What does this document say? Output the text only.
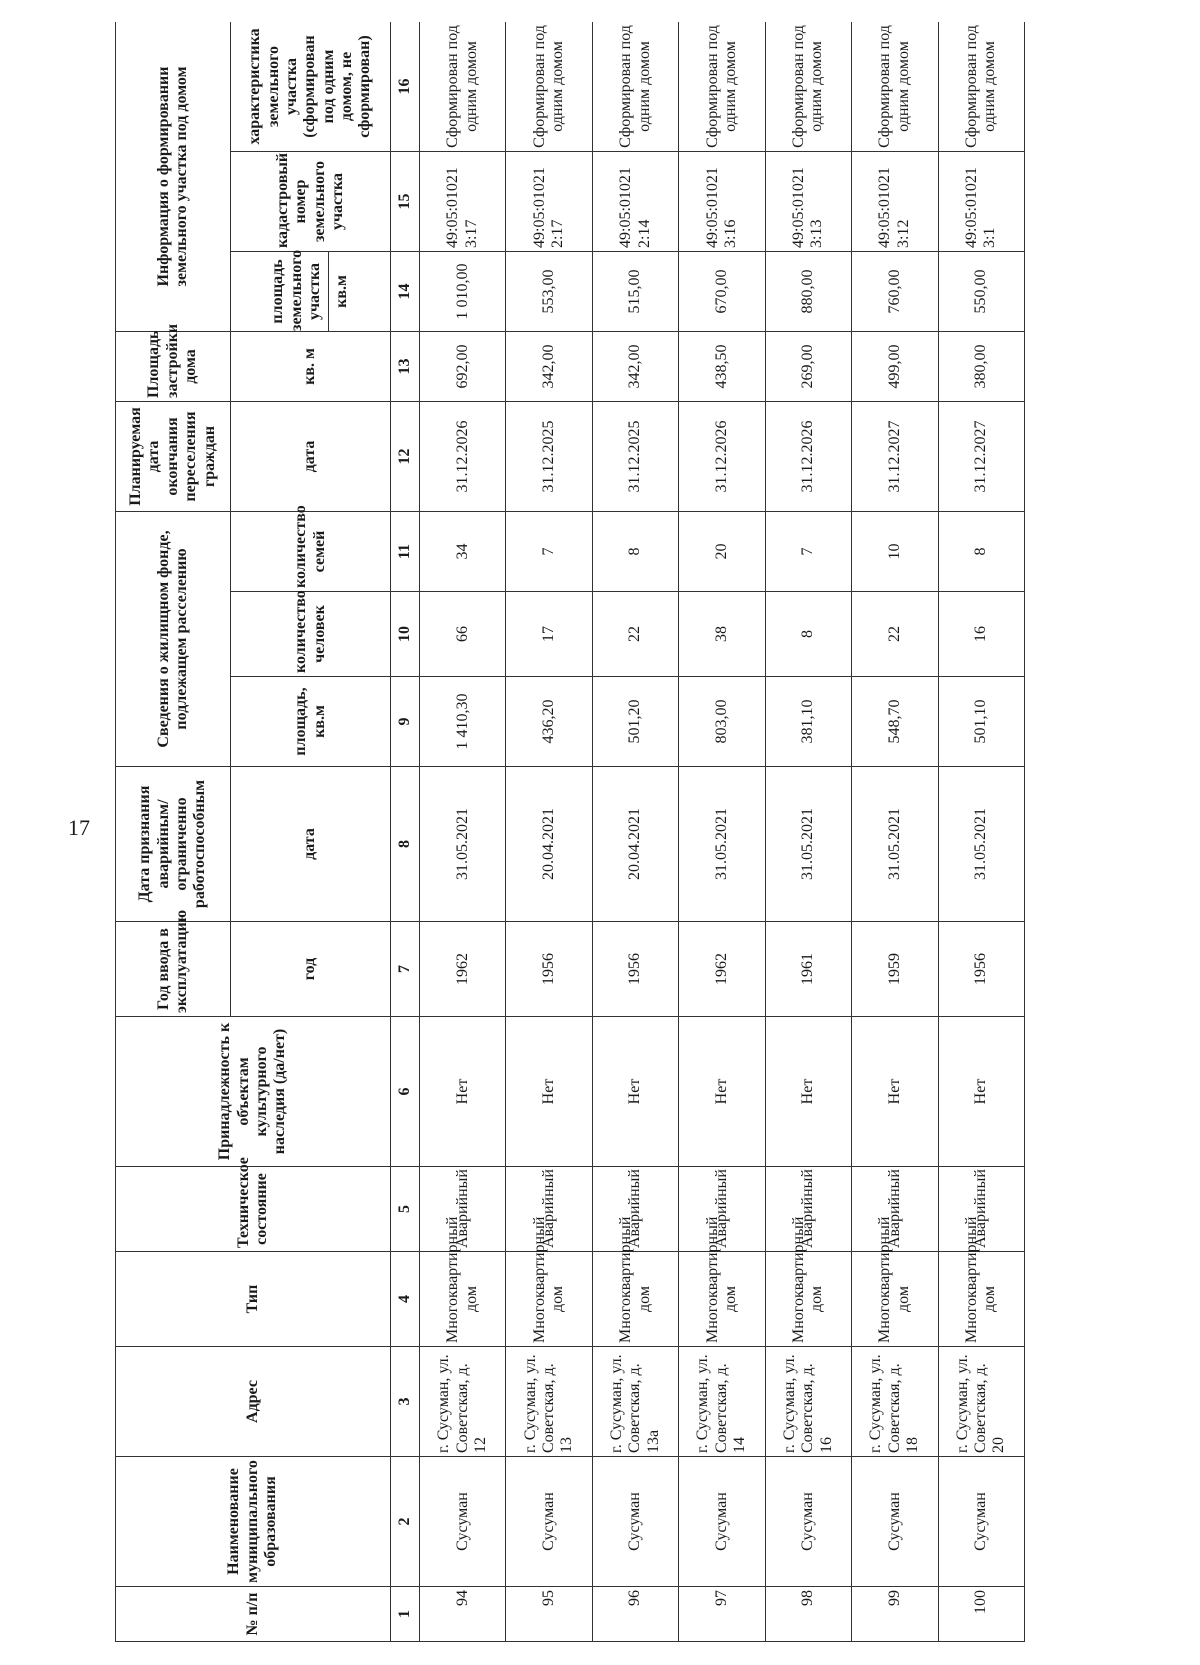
17
№ п/п	Наименование муниципального образования	Адрес	Тип	Техническое состояние	Принадлежность к объектам культурного наследия (да/нет)	Год ввода в эксплуатацию	Дата признания аварийным/ ограниченно работоспособным	Сведения о жилищном фонде, подлежащем расселению			Планируемая дата окончания переселения граждан	Площадь застройки дома	Информация о формировании земельного участка под домом		
						год	дата	площадь, кв.м	количество человек	количество семей	дата	кв. м	площадь земельного участка кв.м	кадастровый номер земельного участка	характеристика земельного участка (сформирован под одним домом, не сформирован)
1	2	3	4	5	6	7	8	9	10	11	12	13	14	15	16
94	Сусуман	г. Сусуман, ул. Советская, д. 12	Многоквартирный дом	Аварийный	Нет	1962	31.05.2021	1 410,30	66	34	31.12.2026	692,00	1 010,00	49:05:010213:17	Сформирован под одним домом
95	Сусуман	г. Сусуман, ул. Советская, д. 13	Многоквартирный дом	Аварийный	Нет	1956	20.04.2021	436,20	17	7	31.12.2025	342,00	553,00	49:05:010212:17	Сформирован под одним домом
96	Сусуман	г. Сусуман, ул. Советская, д. 13а	Многоквартирный дом	Аварийный	Нет	1956	20.04.2021	501,20	22	8	31.12.2025	342,00	515,00	49:05:010212:14	Сформирован под одним домом
97	Сусуман	г. Сусуман, ул. Советская, д. 14	Многоквартирный дом	Аварийный	Нет	1962	31.05.2021	803,00	38	20	31.12.2026	438,50	670,00	49:05:010213:16	Сформирован под одним домом
98	Сусуман	г. Сусуман, ул. Советская, д. 16	Многоквартирный дом	Аварийный	Нет	1961	31.05.2021	381,10	8	7	31.12.2026	269,00	880,00	49:05:010213:13	Сформирован под одним домом
99	Сусуман	г. Сусуман, ул. Советская, д. 18	Многоквартирный дом	Аварийный	Нет	1959	31.05.2021	548,70	22	10	31.12.2027	499,00	760,00	49:05:010213:12	Сформирован под одним домом
100	Сусуман	г. Сусуман, ул. Советская, д. 20	Многоквартирный дом	Аварийный	Нет	1956	31.05.2021	501,10	16	8	31.12.2027	380,00	550,00	49:05:010213:1	Сформирован под одним домом
